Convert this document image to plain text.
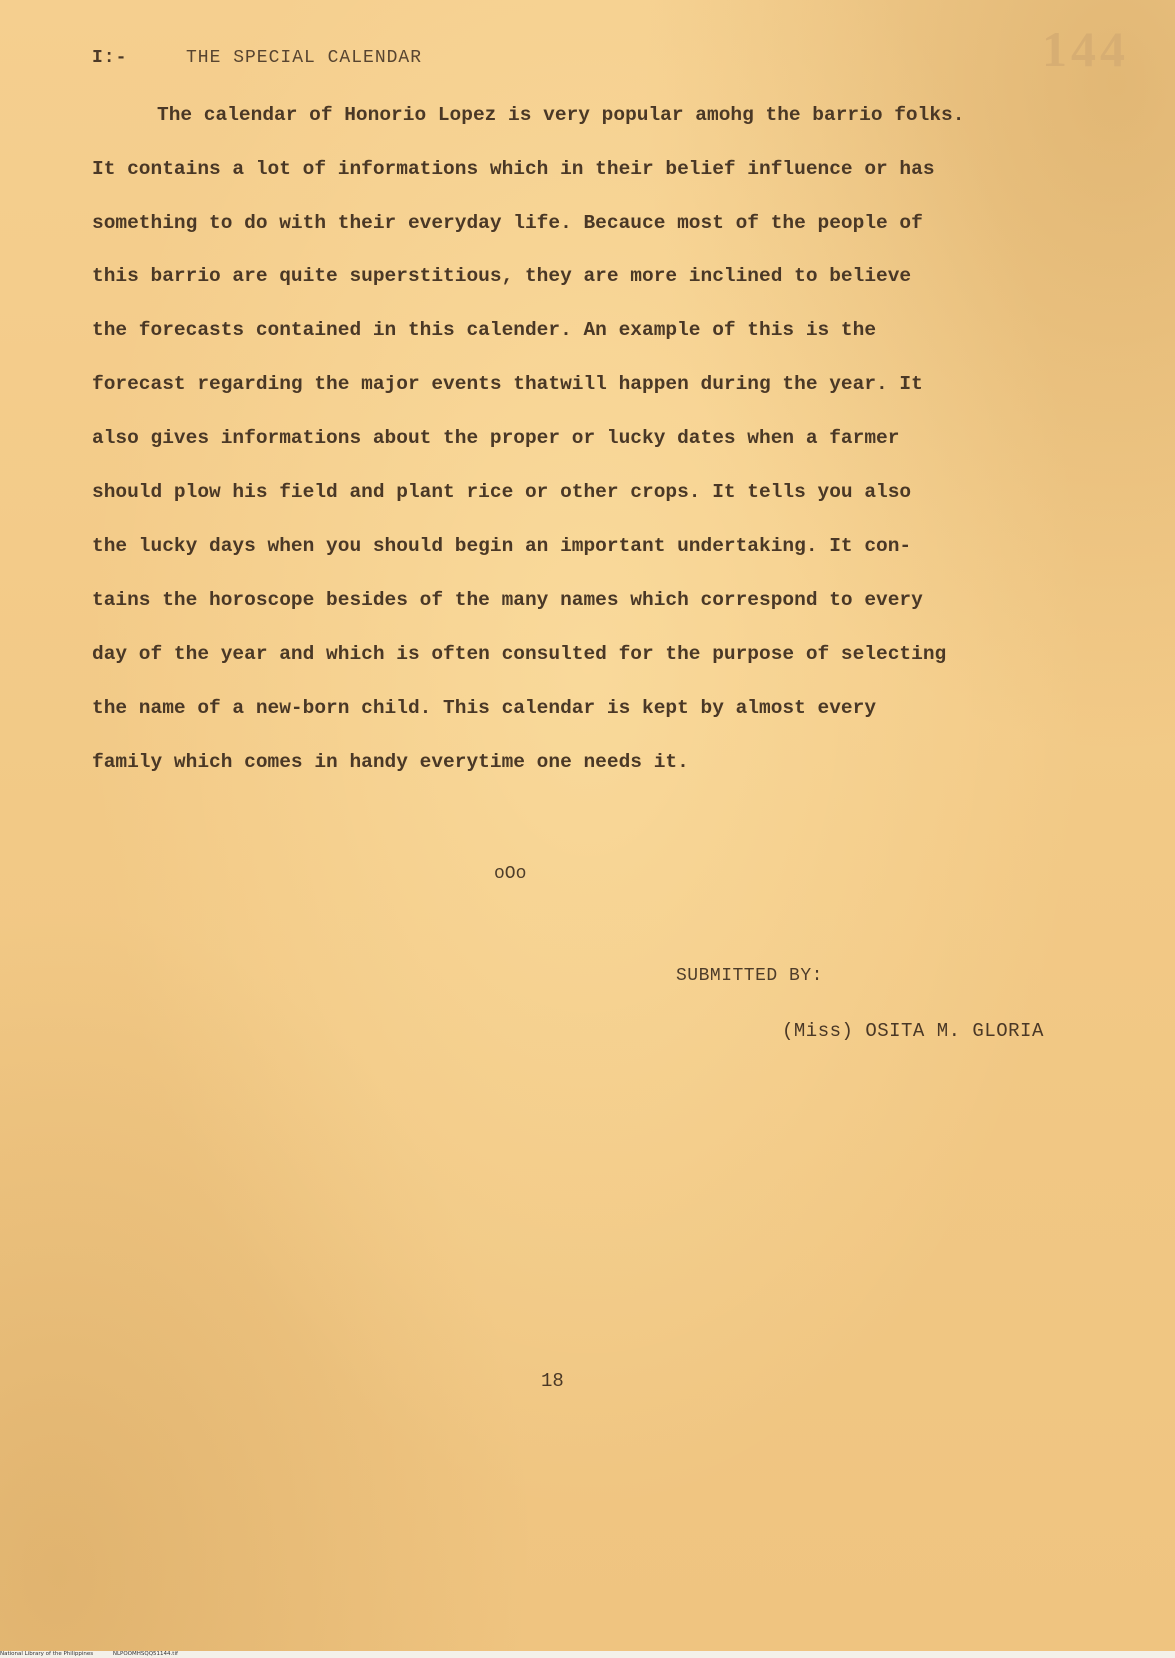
144
I:-	THE SPECIAL CALENDAR
The calendar of Honorio Lopez is very popular amohg the barrio folks.
It contains a lot of informations which in their belief influence or has
something to do with their everyday life. Becauce most of the people of
this barrio are quite superstitious, they are more inclined to believe
the forecasts contained in this calender. An example of this is the
forecast regarding the major events thatwill happen during the year. It
also gives informations about the proper or lucky dates when a farmer
should plow his field and plant rice or other crops. It tells you also
the lucky days when you should begin an important undertaking. It con-
tains the horoscope besides of the many names which correspond to every
day of the year and which is often consulted for the purpose of selecting
the name of a new-born child. This calendar is kept by almost every
family which comes in handy everytime one needs it.
oOo
SUBMITTED BY:
(Miss) OSITA M. GLORIA
18
National Library of the Philippines	NLPOOMHSQQ51144.tif
